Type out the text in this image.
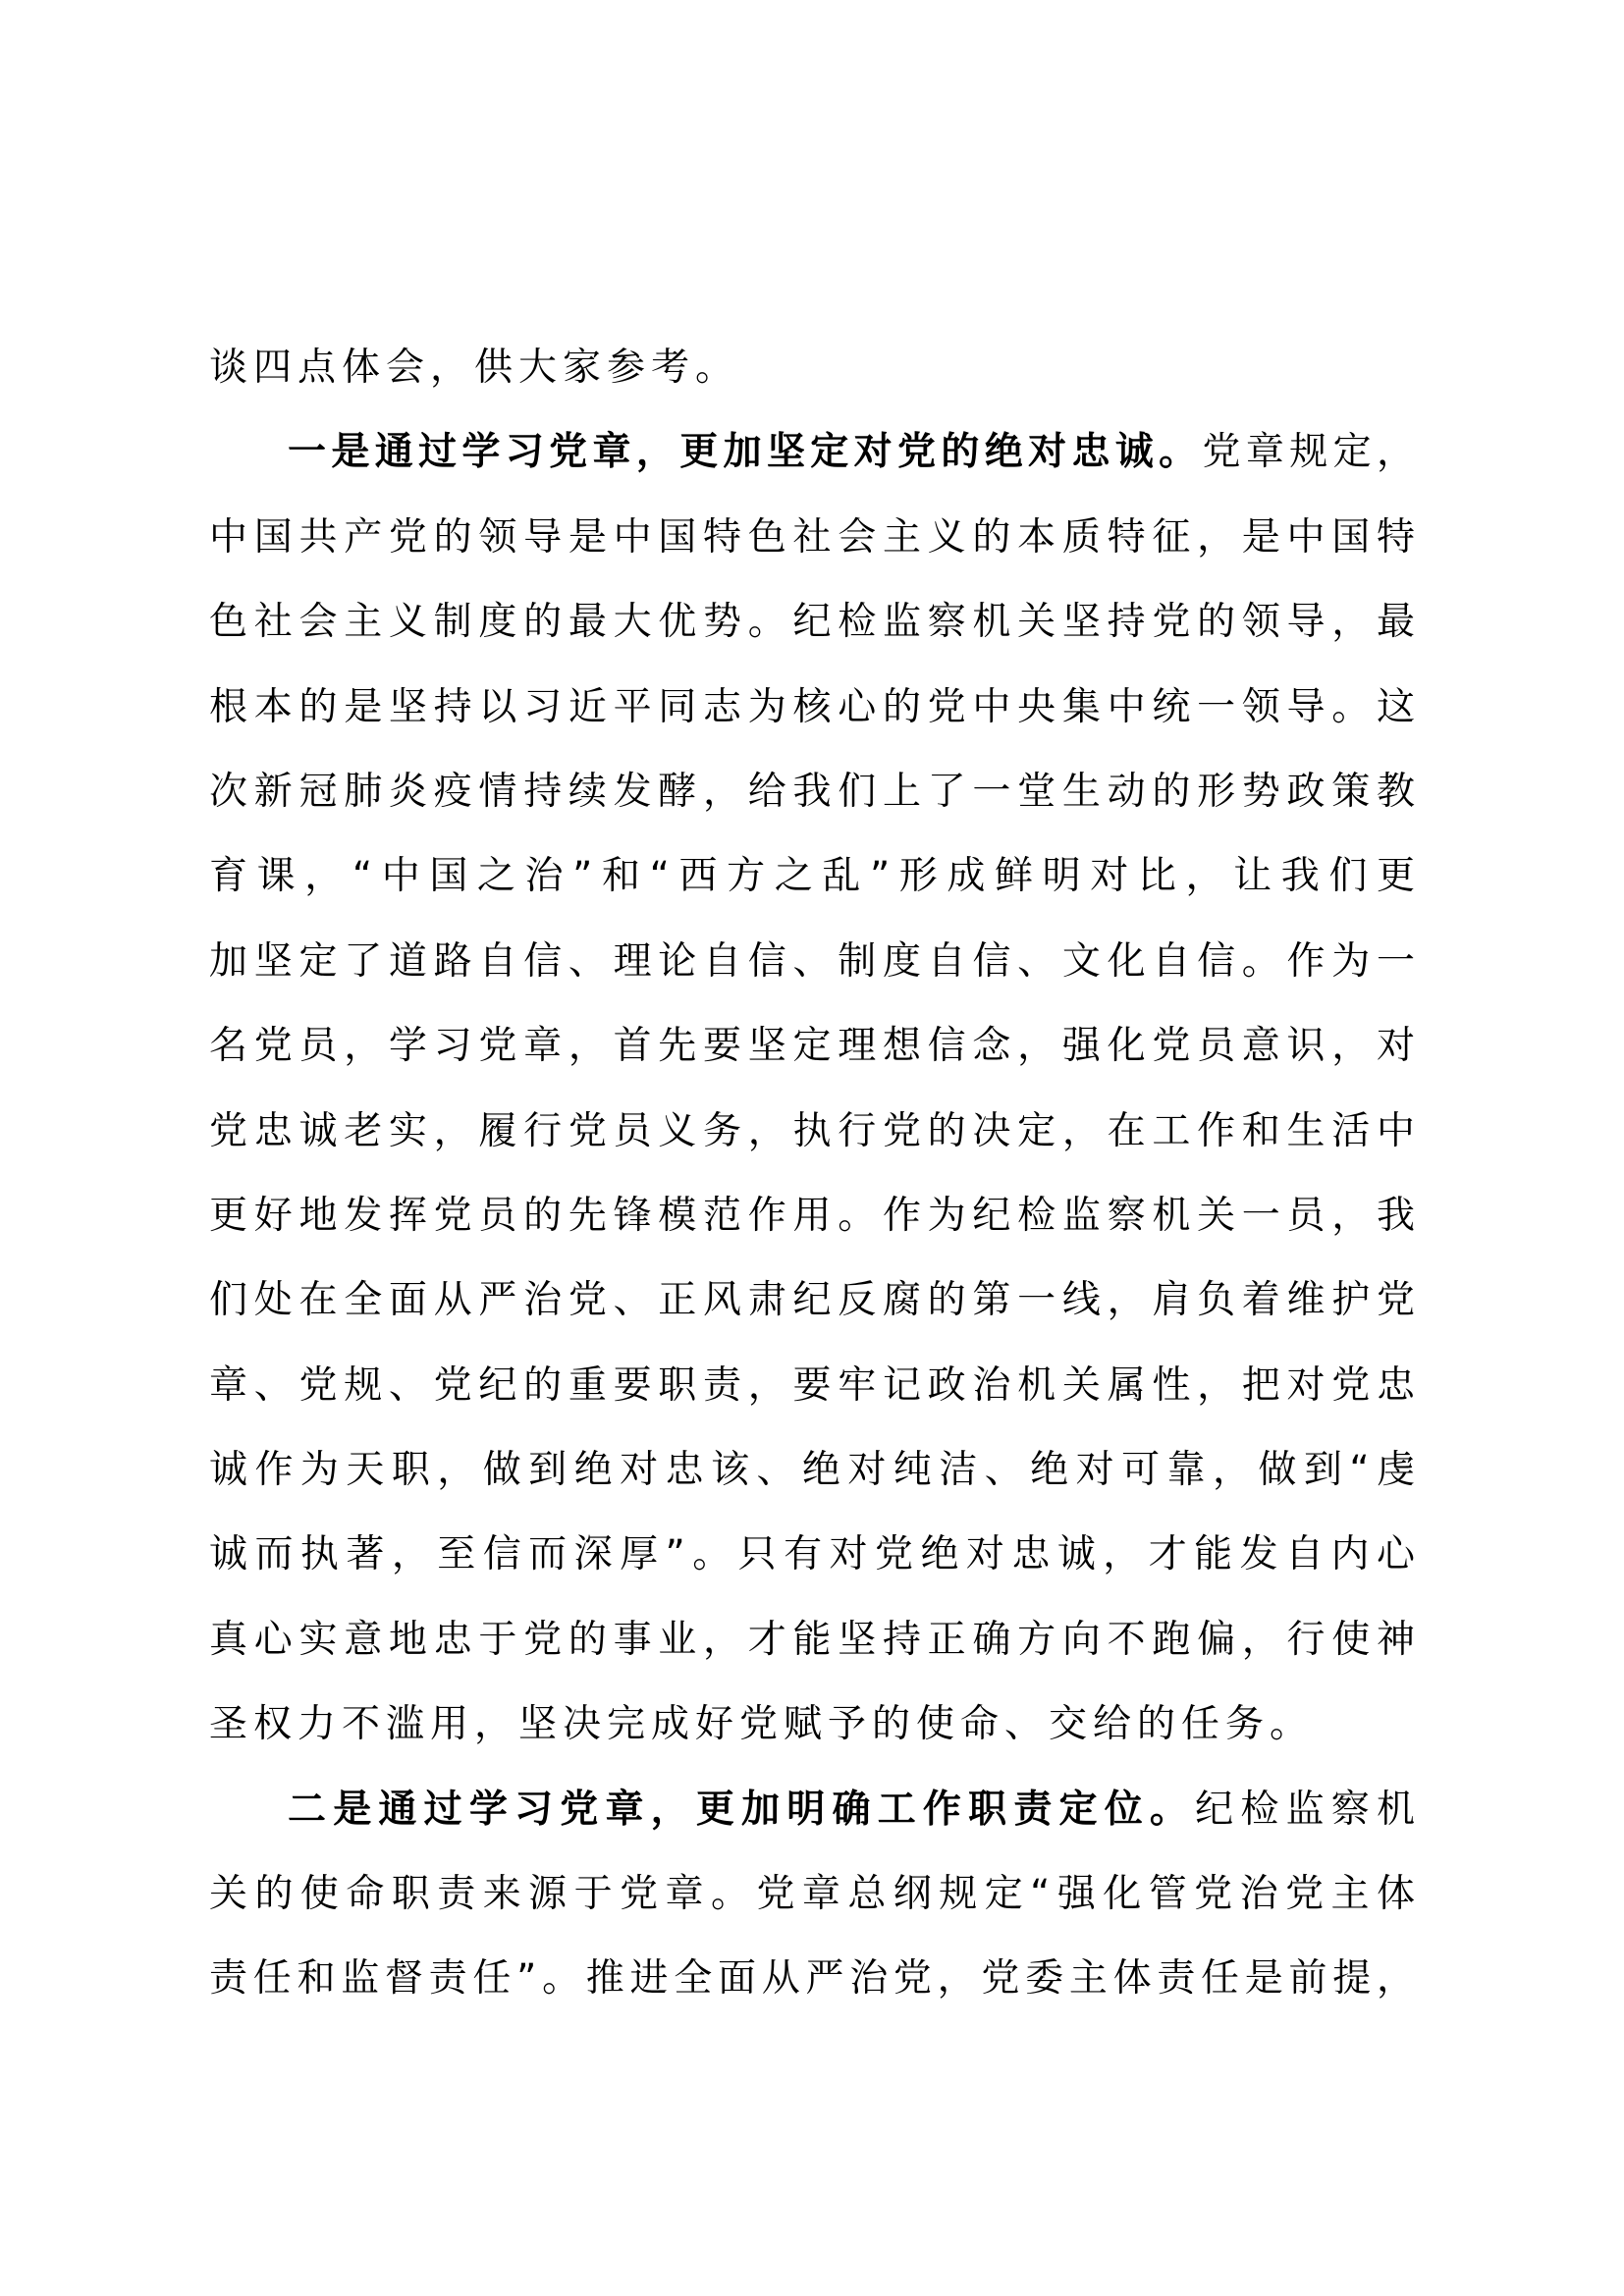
谈四点体会，供大家参考。
一是通过学习党章，更加坚定对党的绝对忠诚。党章规定，
中国共产党的领导是中国特色社会主义的本质特征，是中国特
色社会主义制度的最大优势。纪检监察机关坚持党的领导，最
根本的是坚持以习近平同志为核心的党中央集中统一领导。这
次新冠肺炎疫情持续发酵，给我们上了一堂生动的形势政策教
育课，“中国之治”和“西方之乱”形成鲜明对比，让我们更
加坚定了道路自信、理论自信、制度自信、文化自信。作为一
名党员，学习党章，首先要坚定理想信念，强化党员意识，对
党忠诚老实，履行党员义务，执行党的决定，在工作和生活中
更好地发挥党员的先锋模范作用。作为纪检监察机关一员，我
们处在全面从严治党、正风肃纪反腐的第一线，肩负着维护党
章、党规、党纪的重要职责，要牢记政治机关属性，把对党忠
诚作为天职，做到绝对忠该、绝对纯洁、绝对可靠，做到“虔
诚而执著，至信而深厚”。只有对党绝对忠诚，才能发自内心
真心实意地忠于党的事业，才能坚持正确方向不跑偏，行使神
圣权力不滥用，坚决完成好党赋予的使命、交给的任务。
二是通过学习党章，更加明确工作职责定位。纪检监察机
关的使命职责来源于党章。党章总纲规定“强化管党治党主体
责任和监督责任”。推进全面从严治党，党委主体责任是前提，
